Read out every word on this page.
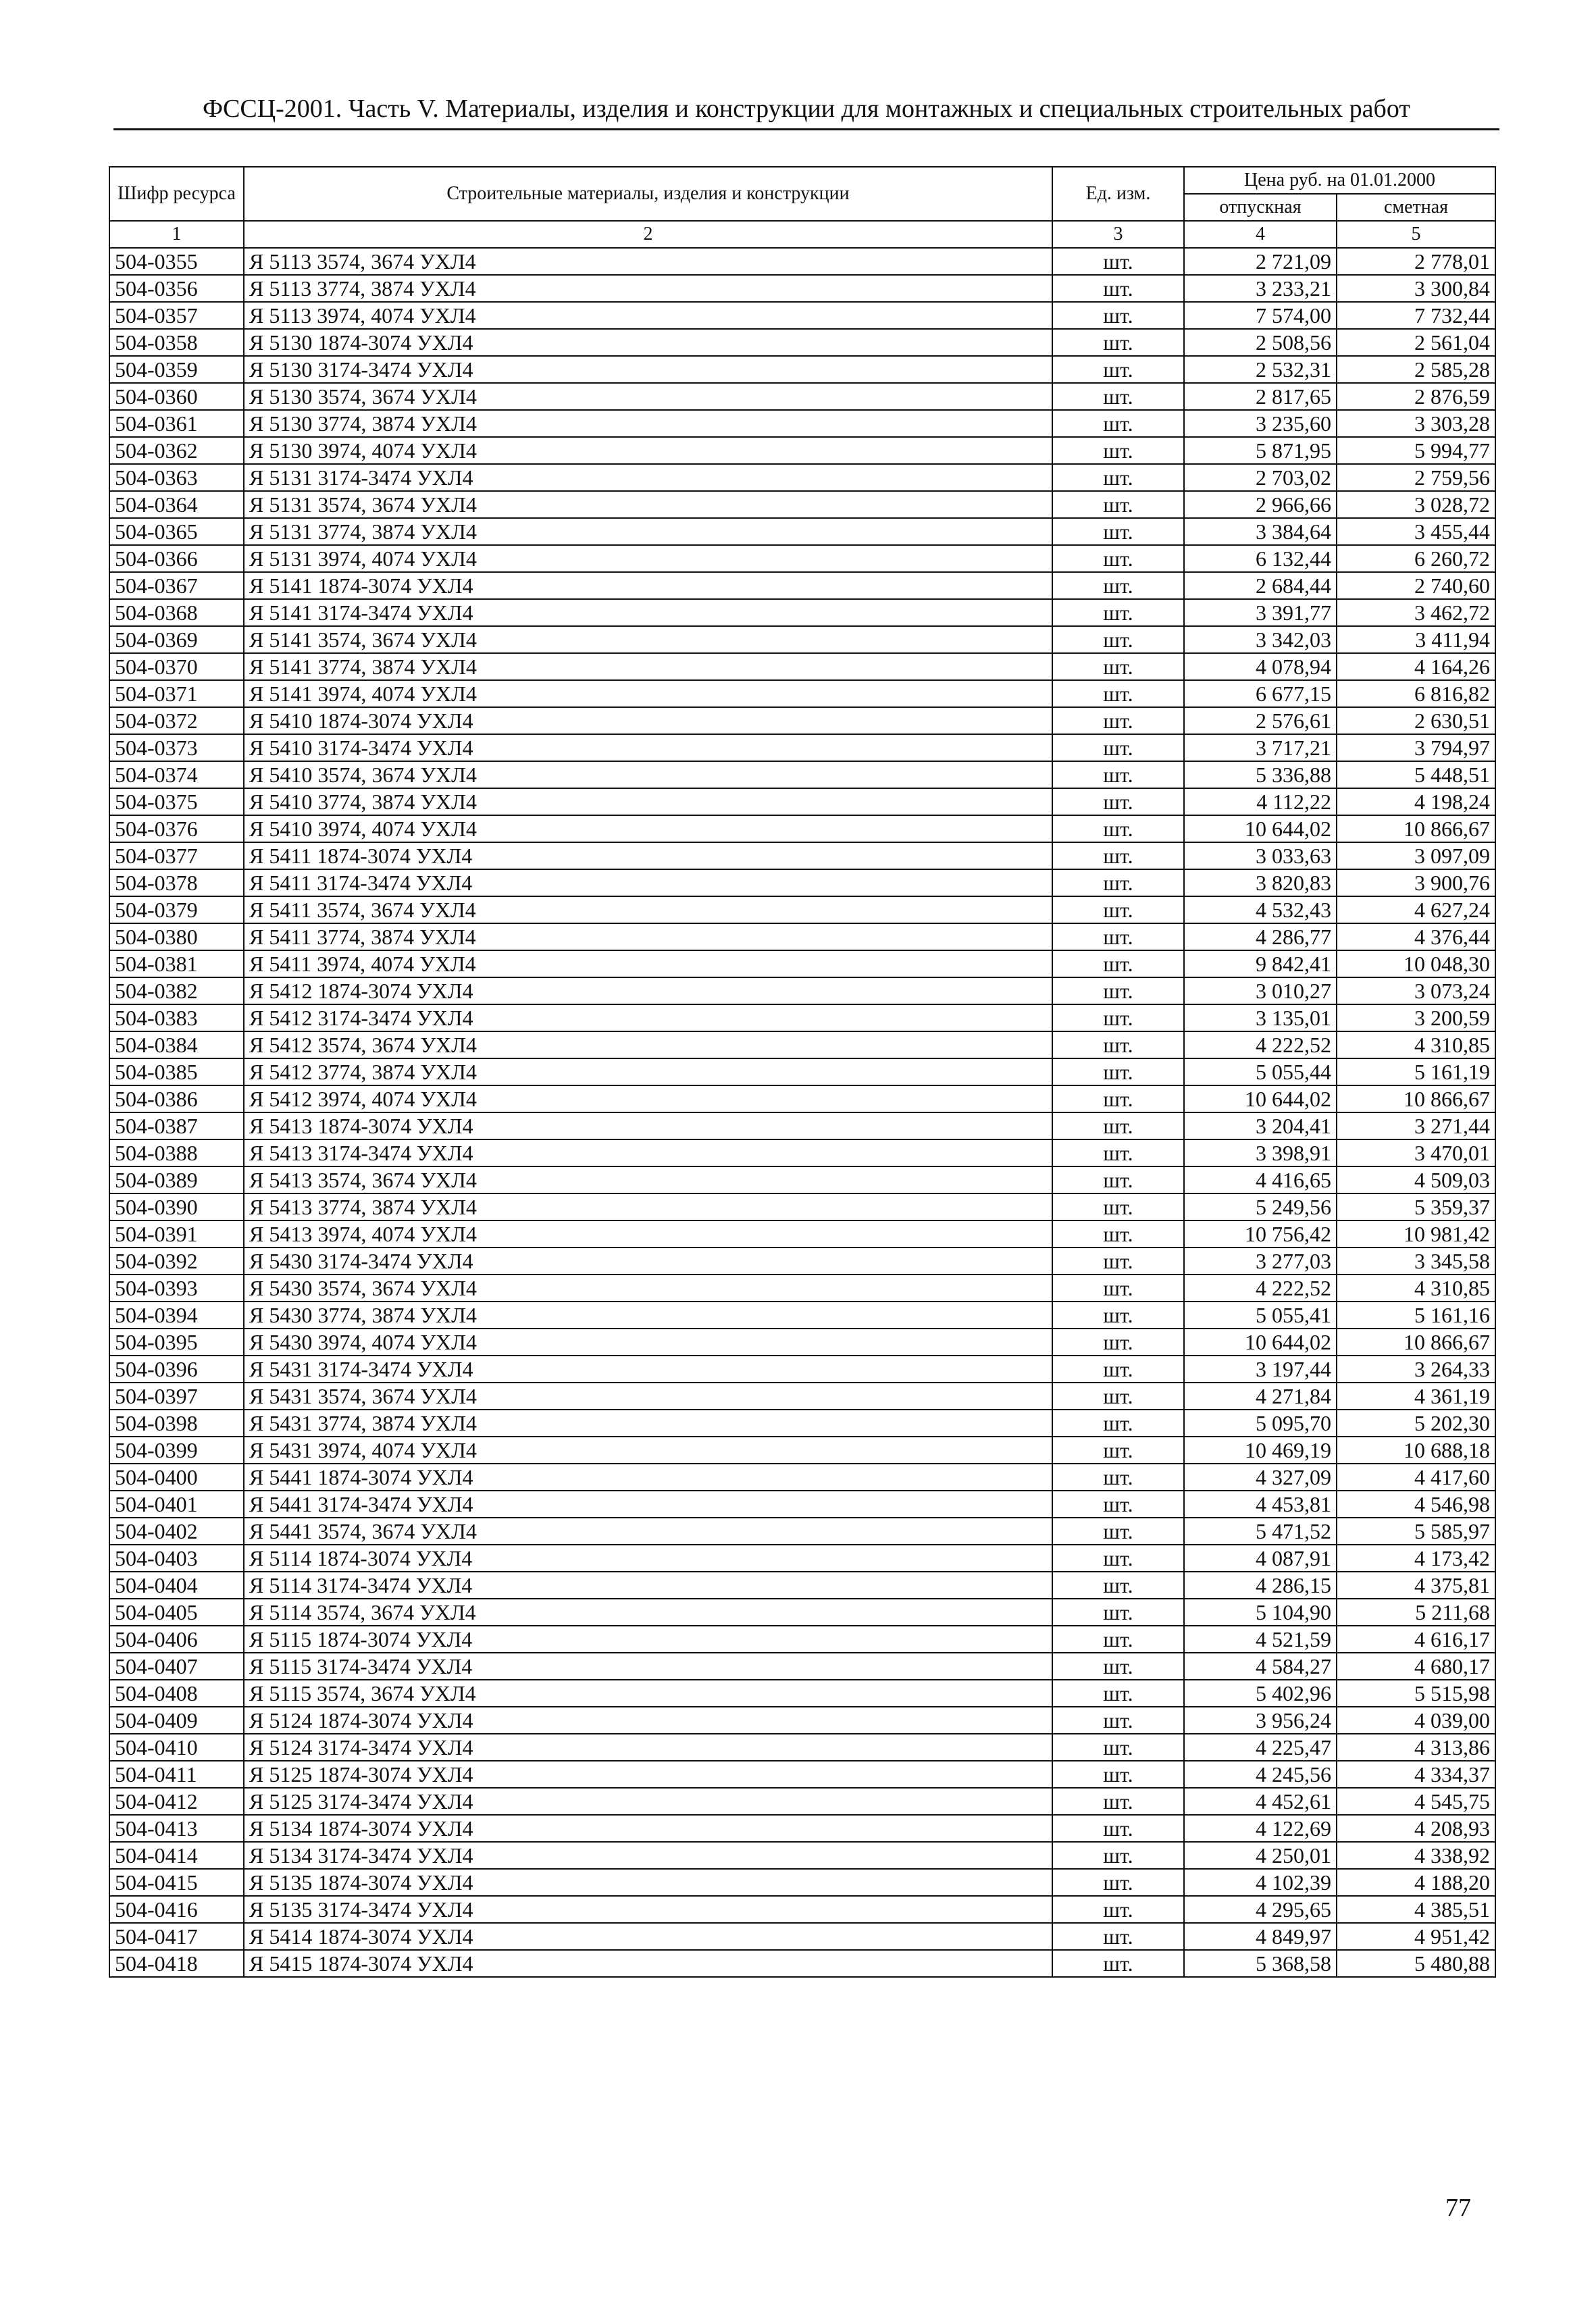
ФССЦ-2001. Часть V. Материалы, изделия и конструкции для монтажных и специальных строительных работ
Шифр ресурса	Строительные материалы, изделия и конструкции	Ед. изм.	Цена руб. на 01.01.2000	
			отпускная	сметная
1	2	3	4	5
504-0355	Я 5113 3574, 3674 УХЛ4	шт.	2 721,09	2 778,01
504-0356	Я 5113 3774, 3874 УХЛ4	шт.	3 233,21	3 300,84
504-0357	Я 5113 3974, 4074 УХЛ4	шт.	7 574,00	7 732,44
504-0358	Я 5130 1874-3074 УХЛ4	шт.	2 508,56	2 561,04
504-0359	Я 5130 3174-3474 УХЛ4	шт.	2 532,31	2 585,28
504-0360	Я 5130 3574, 3674 УХЛ4	шт.	2 817,65	2 876,59
504-0361	Я 5130 3774, 3874 УХЛ4	шт.	3 235,60	3 303,28
504-0362	Я 5130 3974, 4074 УХЛ4	шт.	5 871,95	5 994,77
504-0363	Я 5131 3174-3474 УХЛ4	шт.	2 703,02	2 759,56
504-0364	Я 5131 3574, 3674 УХЛ4	шт.	2 966,66	3 028,72
504-0365	Я 5131 3774, 3874 УХЛ4	шт.	3 384,64	3 455,44
504-0366	Я 5131 3974, 4074 УХЛ4	шт.	6 132,44	6 260,72
504-0367	Я 5141 1874-3074 УХЛ4	шт.	2 684,44	2 740,60
504-0368	Я 5141 3174-3474 УХЛ4	шт.	3 391,77	3 462,72
504-0369	Я 5141 3574, 3674 УХЛ4	шт.	3 342,03	3 411,94
504-0370	Я 5141 3774, 3874 УХЛ4	шт.	4 078,94	4 164,26
504-0371	Я 5141 3974, 4074 УХЛ4	шт.	6 677,15	6 816,82
504-0372	Я 5410 1874-3074 УХЛ4	шт.	2 576,61	2 630,51
504-0373	Я 5410 3174-3474 УХЛ4	шт.	3 717,21	3 794,97
504-0374	Я 5410 3574, 3674 УХЛ4	шт.	5 336,88	5 448,51
504-0375	Я 5410 3774, 3874 УХЛ4	шт.	4 112,22	4 198,24
504-0376	Я 5410 3974, 4074 УХЛ4	шт.	10 644,02	10 866,67
504-0377	Я 5411 1874-3074 УХЛ4	шт.	3 033,63	3 097,09
504-0378	Я 5411 3174-3474 УХЛ4	шт.	3 820,83	3 900,76
504-0379	Я 5411 3574, 3674 УХЛ4	шт.	4 532,43	4 627,24
504-0380	Я 5411 3774, 3874 УХЛ4	шт.	4 286,77	4 376,44
504-0381	Я 5411 3974, 4074 УХЛ4	шт.	9 842,41	10 048,30
504-0382	Я 5412 1874-3074 УХЛ4	шт.	3 010,27	3 073,24
504-0383	Я 5412 3174-3474 УХЛ4	шт.	3 135,01	3 200,59
504-0384	Я 5412 3574, 3674 УХЛ4	шт.	4 222,52	4 310,85
504-0385	Я 5412 3774, 3874 УХЛ4	шт.	5 055,44	5 161,19
504-0386	Я 5412 3974, 4074 УХЛ4	шт.	10 644,02	10 866,67
504-0387	Я 5413 1874-3074 УХЛ4	шт.	3 204,41	3 271,44
504-0388	Я 5413 3174-3474 УХЛ4	шт.	3 398,91	3 470,01
504-0389	Я 5413 3574, 3674 УХЛ4	шт.	4 416,65	4 509,03
504-0390	Я 5413 3774, 3874 УХЛ4	шт.	5 249,56	5 359,37
504-0391	Я 5413 3974, 4074 УХЛ4	шт.	10 756,42	10 981,42
504-0392	Я 5430 3174-3474 УХЛ4	шт.	3 277,03	3 345,58
504-0393	Я 5430 3574, 3674 УХЛ4	шт.	4 222,52	4 310,85
504-0394	Я 5430 3774, 3874 УХЛ4	шт.	5 055,41	5 161,16
504-0395	Я 5430 3974, 4074 УХЛ4	шт.	10 644,02	10 866,67
504-0396	Я 5431 3174-3474 УХЛ4	шт.	3 197,44	3 264,33
504-0397	Я 5431 3574, 3674 УХЛ4	шт.	4 271,84	4 361,19
504-0398	Я 5431 3774, 3874 УХЛ4	шт.	5 095,70	5 202,30
504-0399	Я 5431 3974, 4074 УХЛ4	шт.	10 469,19	10 688,18
504-0400	Я 5441 1874-3074 УХЛ4	шт.	4 327,09	4 417,60
504-0401	Я 5441 3174-3474 УХЛ4	шт.	4 453,81	4 546,98
504-0402	Я 5441 3574, 3674 УХЛ4	шт.	5 471,52	5 585,97
504-0403	Я 5114 1874-3074 УХЛ4	шт.	4 087,91	4 173,42
504-0404	Я 5114 3174-3474 УХЛ4	шт.	4 286,15	4 375,81
504-0405	Я 5114 3574, 3674 УХЛ4	шт.	5 104,90	5 211,68
504-0406	Я 5115 1874-3074 УХЛ4	шт.	4 521,59	4 616,17
504-0407	Я 5115 3174-3474 УХЛ4	шт.	4 584,27	4 680,17
504-0408	Я 5115 3574, 3674 УХЛ4	шт.	5 402,96	5 515,98
504-0409	Я 5124 1874-3074 УХЛ4	шт.	3 956,24	4 039,00
504-0410	Я 5124 3174-3474 УХЛ4	шт.	4 225,47	4 313,86
504-0411	Я 5125 1874-3074 УХЛ4	шт.	4 245,56	4 334,37
504-0412	Я 5125 3174-3474 УХЛ4	шт.	4 452,61	4 545,75
504-0413	Я 5134 1874-3074 УХЛ4	шт.	4 122,69	4 208,93
504-0414	Я 5134 3174-3474 УХЛ4	шт.	4 250,01	4 338,92
504-0415	Я 5135 1874-3074 УХЛ4	шт.	4 102,39	4 188,20
504-0416	Я 5135 3174-3474 УХЛ4	шт.	4 295,65	4 385,51
504-0417	Я 5414 1874-3074 УХЛ4	шт.	4 849,97	4 951,42
504-0418	Я 5415 1874-3074 УХЛ4	шт.	5 368,58	5 480,88
77
